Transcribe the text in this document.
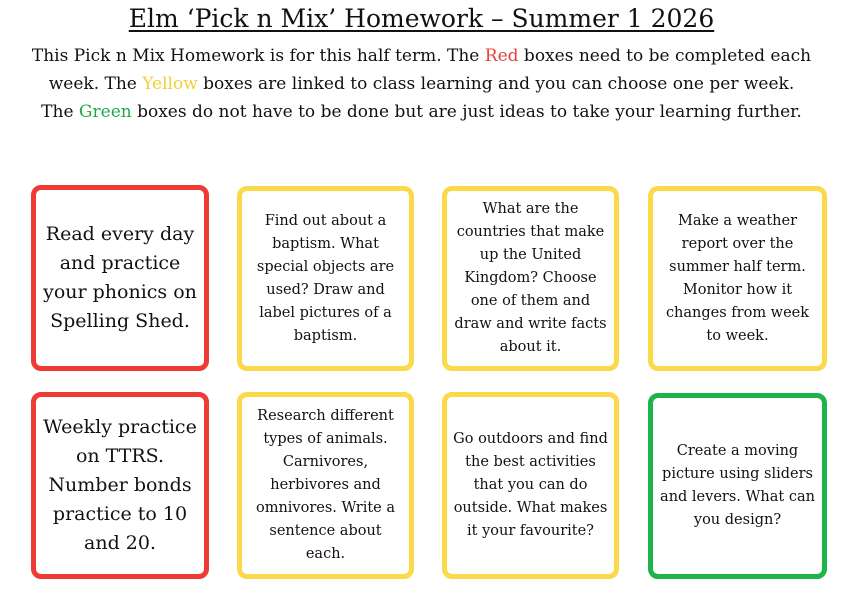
Elm ‘Pick n Mix’ Homework – Summer 1 2026

This Pick n Mix Homework is for this half term. The Red boxes need to be completed each week. The Yellow boxes are linked to class learning and you can choose one per week.

The Green boxes do not have to be done but are just ideas to take your learning further.

Read every day and practice your phonics on Spelling Shed.
Find out about a baptism. What special objects are used? Draw and label pictures of a baptism.
What are the countries that make up the United Kingdom? Choose one of them and draw and write facts about it.
Make a weather report over the summer half term. Monitor how it changes from week to week.
Weekly practice on TTRS. Number bonds practice to 10 and 20.
Research different types of animals. Carnivores, herbivores and omnivores. Write a sentence about each.
Go outdoors and find the best activities that you can do outside. What makes it your favourite?
Create a moving picture using sliders and levers. What can you design?
